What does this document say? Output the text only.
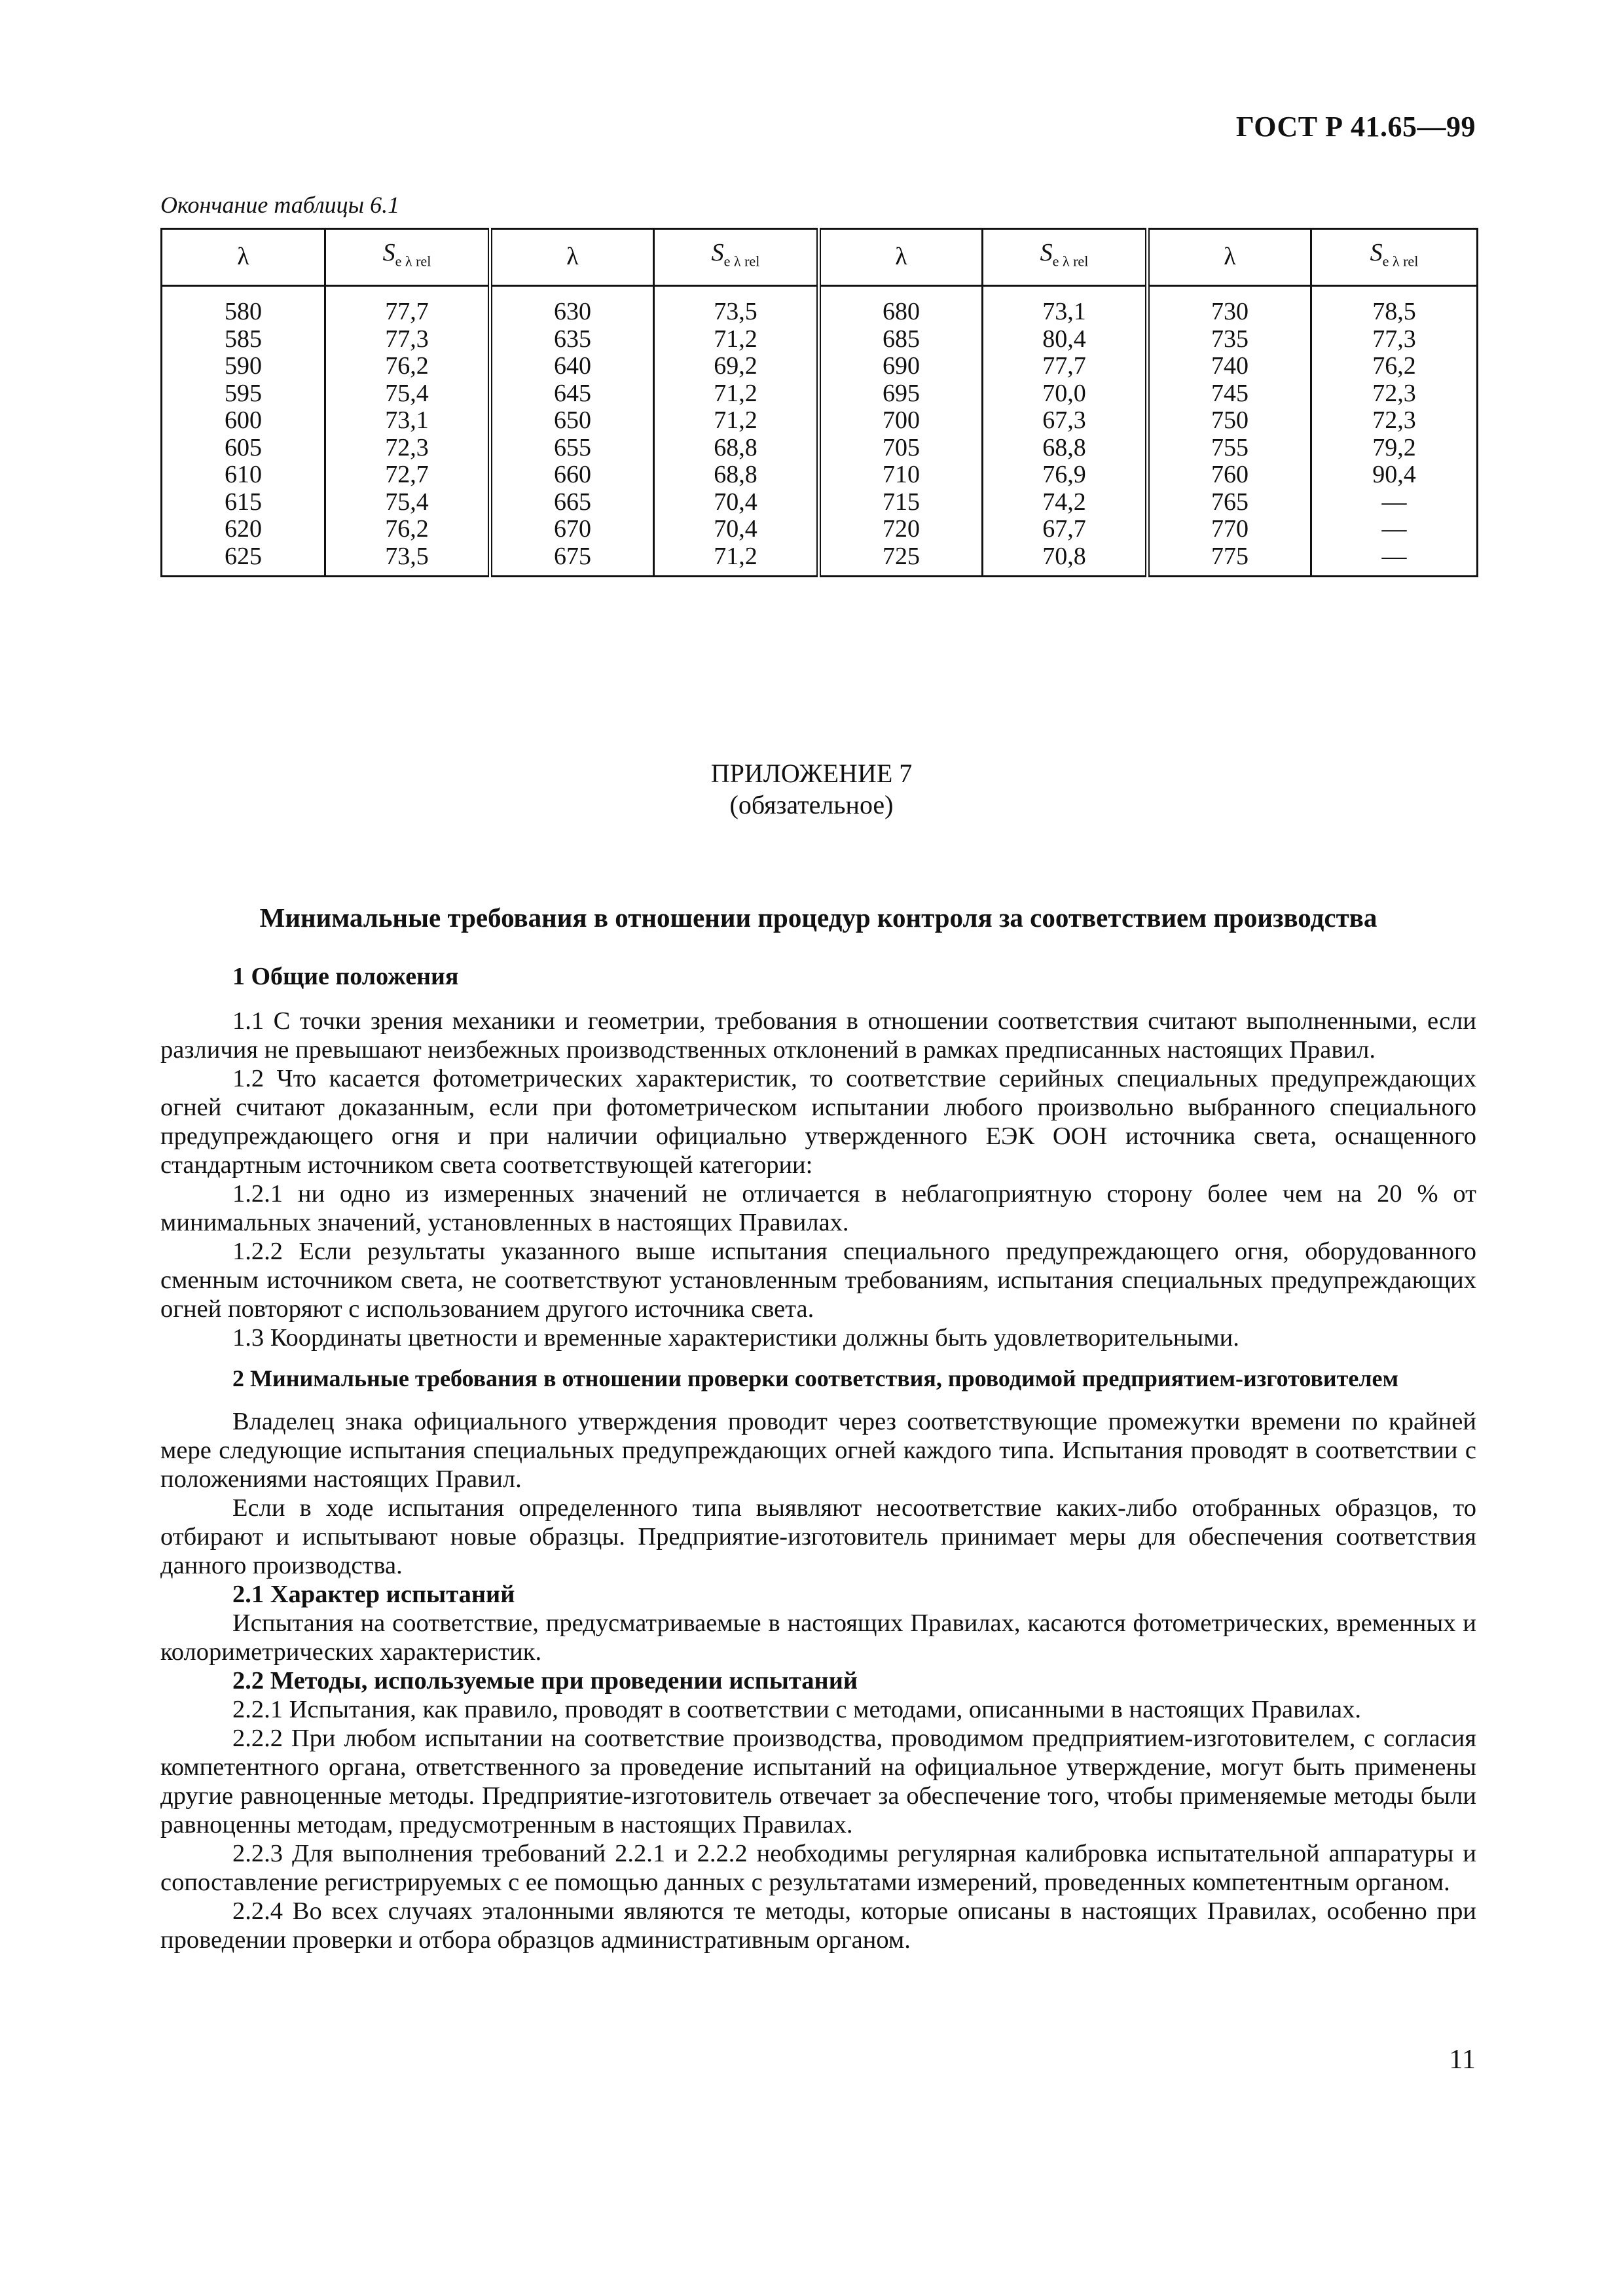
ГОСТ Р 41.65—99
Окончание таблицы 6.1
λ	$S_{e \lambda rel}$	λ	$S_{e \lambda rel}$	λ	$S_{e \lambda rel}$	λ	$S_{e \lambda rel}$
580	77,7	630	73,5	680	73,1	730	78,5
585	77,3	635	71,2	685	80,4	735	77,3
590	76,2	640	69,2	690	77,7	740	76,2
595	75,4	645	71,2	695	70,0	745	72,3
600	73,1	650	71,2	700	67,3	750	72,3
605	72,3	655	68,8	705	68,8	755	79,2
610	72,7	660	68,8	710	76,9	760	90,4
615	75,4	665	70,4	715	74,2	765	—
620	76,2	670	70,4	720	67,7	770	—
625	73,5	675	71,2	725	70,8	775	—
ПРИЛОЖЕНИЕ 7
(обязательное)
Минимальные требования в отношении процедур контроля за соответствием производства
1 Общие положения

1.1 С точки зрения механики и геометрии, требования в отношении соответствия считают выполненными, если различия не превышают неизбежных производственных отклонений в рамках предписанных настоящих Правил.

1.2 Что касается фотометрических характеристик, то соответствие серийных специальных предупреждающих огней считают доказанным, если при фотометрическом испытании любого произвольно выбранного специального предупреждающего огня и при наличии официально утвержденного ЕЭК ООН источника света, оснащенного стандартным источником света соответствующей категории:

1.2.1 ни одно из измеренных значений не отличается в неблагоприятную сторону более чем на 20 % от минимальных значений, установленных в настоящих Правилах.

1.2.2 Если результаты указанного выше испытания специального предупреждающего огня, оборудованного сменным источником света, не соответствуют установленным требованиям, испытания специальных предупреждающих огней повторяют с использованием другого источника света.

1.3 Координаты цветности и временные характеристики должны быть удовлетворительными.

2 Минимальные требования в отношении проверки соответствия, проводимой предприятием-изготовителем

Владелец знака официального утверждения проводит через соответствующие промежутки времени по крайней мере следующие испытания специальных предупреждающих огней каждого типа. Испытания проводят в соответствии с положениями настоящих Правил.

Если в ходе испытания определенного типа выявляют несоответствие каких-либо отобранных образцов, то отбирают и испытывают новые образцы. Предприятие-изготовитель принимает меры для обеспечения соответствия данного производства.

2.1 Характер испытаний

Испытания на соответствие, предусматриваемые в настоящих Правилах, касаются фотометрических, временных и колориметрических характеристик.

2.2 Методы, используемые при проведении испытаний

2.2.1 Испытания, как правило, проводят в соответствии с методами, описанными в настоящих Правилах.

2.2.2 При любом испытании на соответствие производства, проводимом предприятием-изготовителем, с согласия компетентного органа, ответственного за проведение испытаний на официальное утверждение, могут быть применены другие равноценные методы. Предприятие-изготовитель отвечает за обеспечение того, чтобы применяемые методы были равноценны методам, предусмотренным в настоящих Правилах.

2.2.3 Для выполнения требований 2.2.1 и 2.2.2 необходимы регулярная калибровка испытательной аппаратуры и сопоставление регистрируемых с ее помощью данных с результатами измерений, проведенных компетентным органом.

2.2.4 Во всех случаях эталонными являются те методы, которые описаны в настоящих Правилах, особенно при проведении проверки и отбора образцов административным органом.

11
